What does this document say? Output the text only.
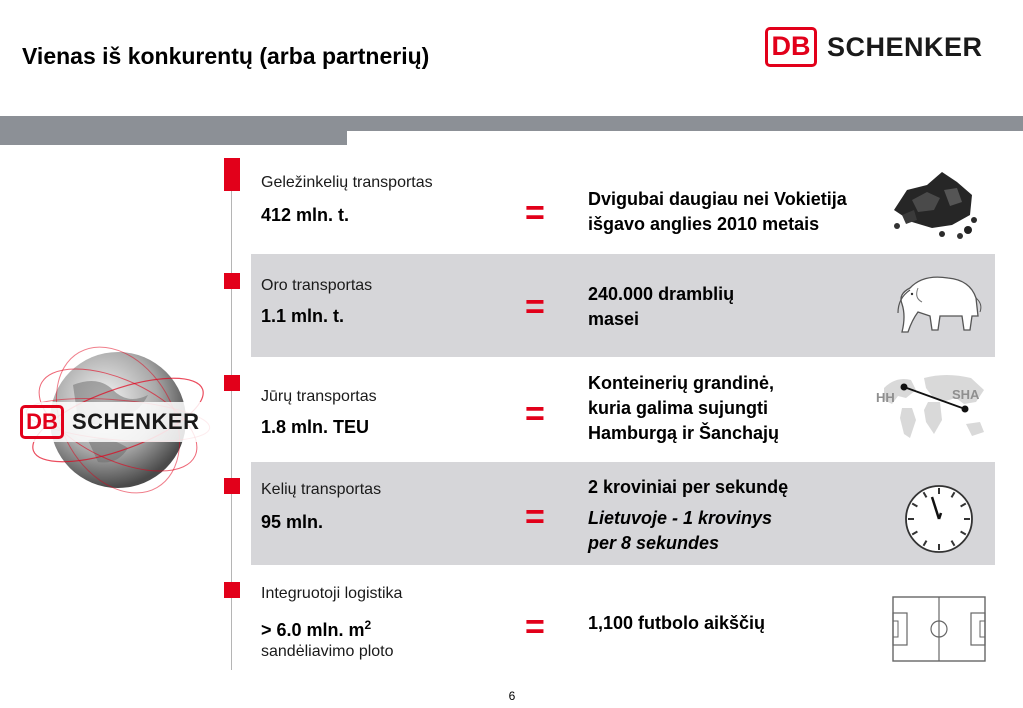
Vienas iš konkurentų (arba partnerių)	DB SCHENKER
DB SCHENKER
Geležinkelių transportas
412 mln. t.	= Dvigubai daugiau nei Vokietija
išgavo anglies 2010 metais
Oro transportas
1.1 mln. t.	= 240.000 dramblių
masei
Jūrų transportas
1.8 mln. TEU	=
Konteinerių grandinė,
kuria galima sujungti
Hamburgą ir Šanchajų
HH	SHA
Kelių transportas
95 mln.	=
2 kroviniai per sekundę
Lietuvoje - 1 krovinys
per 8 sekundes
Integruotoji logistika
> 6.0 mln. $m^2$
sandėliavimo ploto
= 1,100 futbolo aikščių
6
